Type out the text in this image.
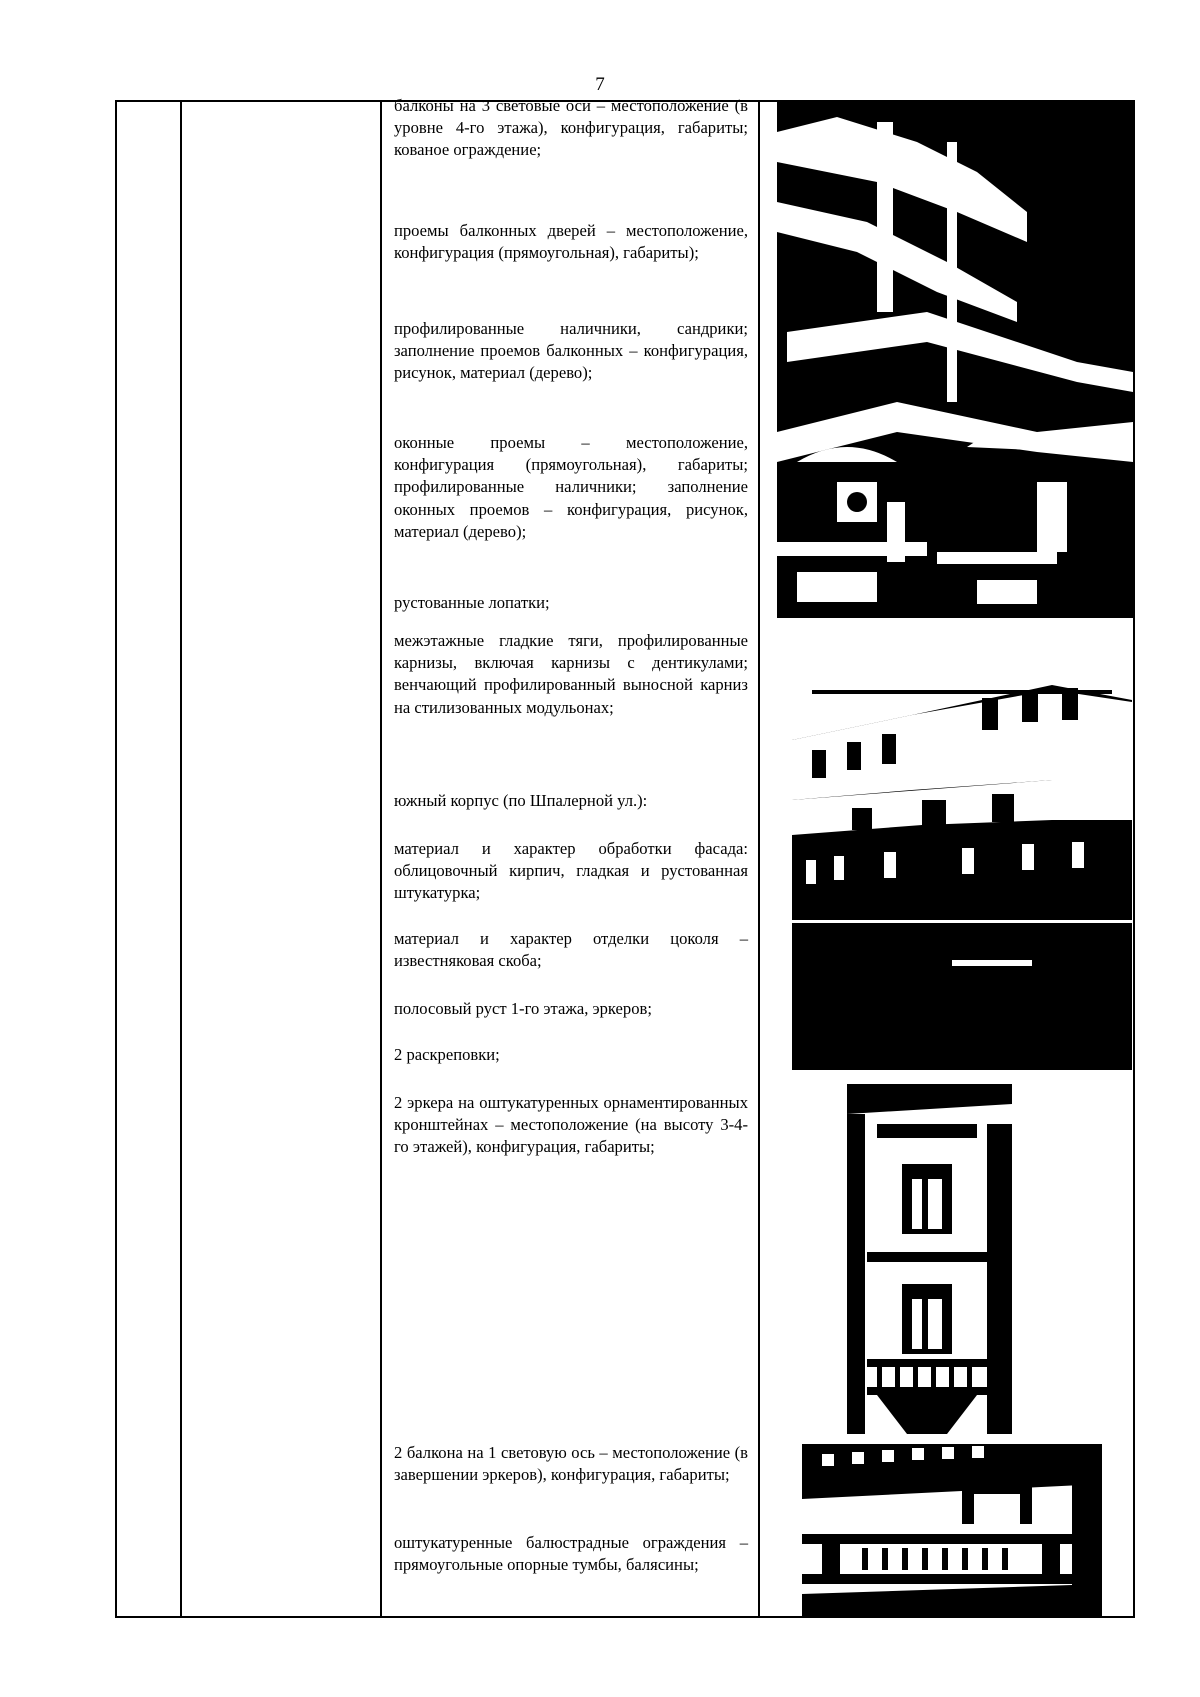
7

балконы на 3 световые оси – местоположение (в уровне 4-го этажа), конфигурация, габариты; кованое ограждение;

проемы балконных дверей – местоположение, конфигурация (прямоугольная), габариты);

профилированные наличники, сандрики; заполнение проемов балконных – конфигурация, рисунок, материал (дерево);

оконные проемы – местоположение, конфигурация (прямоугольная), габариты; профилированные наличники; заполнение оконных проемов – конфигурация, рисунок, материал (дерево);

рустованные лопатки;

межэтажные гладкие тяги, профилированные карнизы, включая карнизы с дентикулами; венчающий профилированный выносной карниз на стилизованных модульонах;

южный корпус (по Шпалерной ул.):

материал и характер обработки фасада: облицовочный кирпич, гладкая и рустованная штукатурка;

материал и характер отделки цоколя – известняковая скоба;

полосовый руст 1-го этажа, эркеров;

2 раскреповки;

2 эркера на оштукатуренных орнаментированных кронштейнах – местоположение (на высоту 3-4-го этажей), конфигурация, габариты;

2 балкона на 1 световую ось – местоположение (в завершении эркеров), конфигурация, габариты;

оштукатуренные балюстрадные ограждения – прямоугольные опорные тумбы, балясины;
